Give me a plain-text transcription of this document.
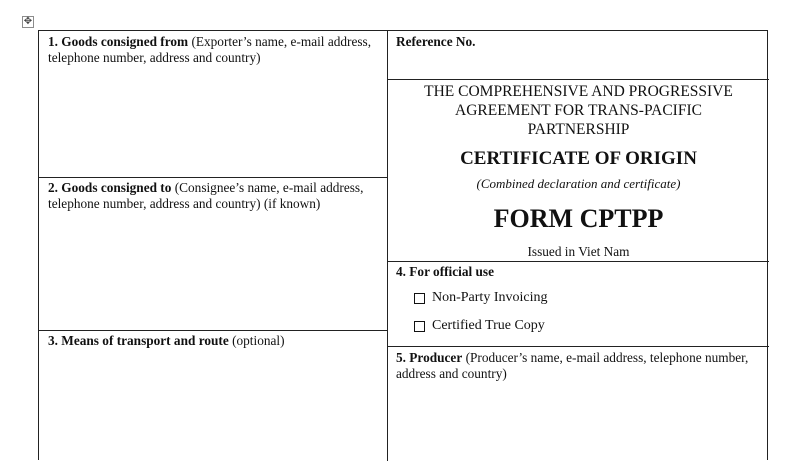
✥
1. Goods consigned from (Exporter’s name, e-mail address, telephone number, address and country)
2. Goods consigned to (Consignee’s name, e-mail address, telephone number, address and country) (if known)
3. Means of transport and route (optional)
Reference No.
THE COMPREHENSIVE AND PROGRESSIVE
AGREEMENT FOR TRANS-PACIFIC
PARTNERSHIP
CERTIFICATE OF ORIGIN
(Combined declaration and certificate)
FORM CPTPP
Issued in Viet Nam
4. For official use
Non-Party Invoicing
Certified True Copy
5. Producer (Producer’s name, e-mail address, telephone number, address and country)
